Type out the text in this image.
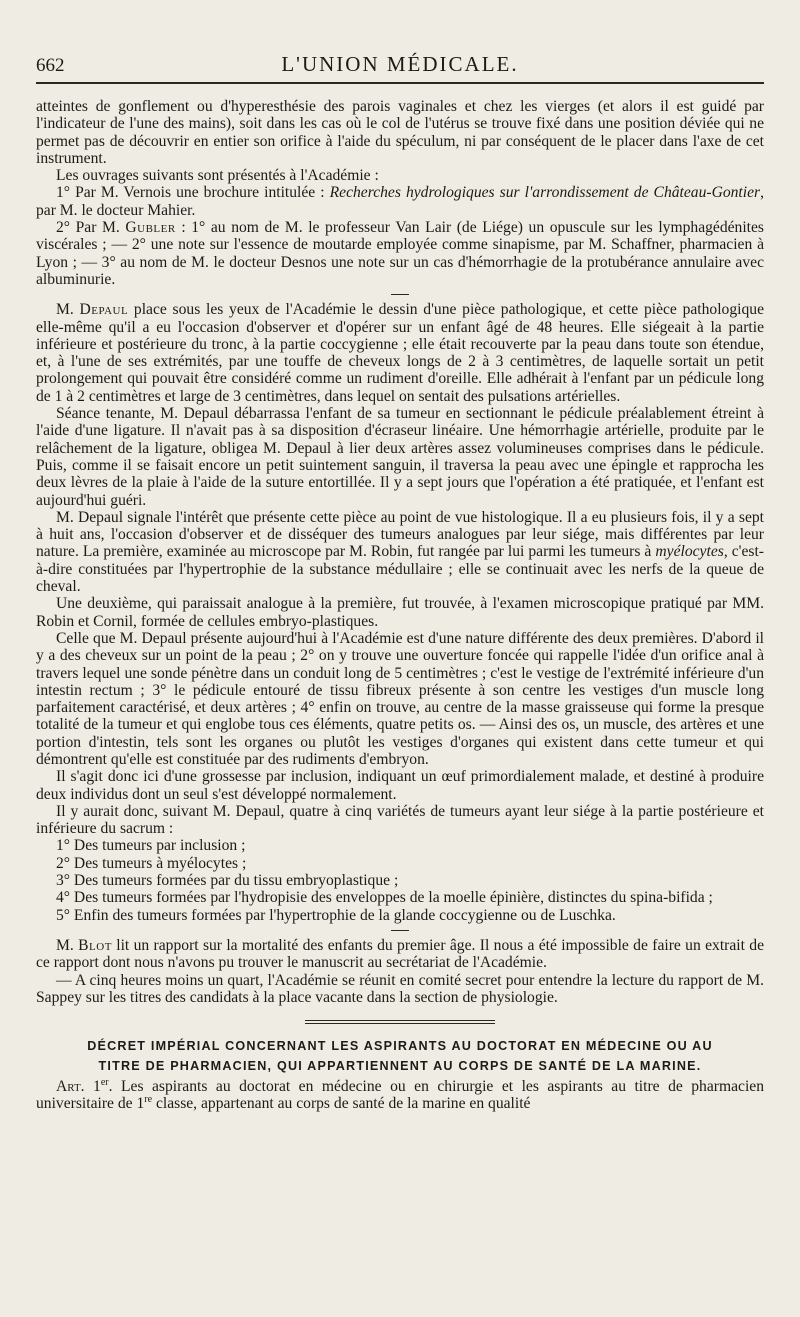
662	L'UNION MÉDICALE.

atteintes de gonflement ou d'hyperesthésie des parois vaginales et chez les vierges (et alors il est guidé par l'indicateur de l'une des mains), soit dans les cas où le col de l'utérus se trouve fixé dans une position déviée qui ne permet pas de découvrir en entier son orifice à l'aide du spéculum, ni par conséquent de le placer dans l'axe de cet instrument.

Les ouvrages suivants sont présentés à l'Académie :

1° Par M. Vernois une brochure intitulée : Recherches hydrologiques sur l'arrondissement de Château-Gontier, par M. le docteur Mahier.

2° Par M. Gubler : 1° au nom de M. le professeur Van Lair (de Liége) un opuscule sur les lymphagédénites viscérales ; — 2° une note sur l'essence de moutarde employée comme sinapisme, par M. Schaffner, pharmacien à Lyon ; — 3° au nom de M. le docteur Desnos une note sur un cas d'hémorrhagie de la protubérance annulaire avec albuminurie.

M. Depaul place sous les yeux de l'Académie le dessin d'une pièce pathologique, et cette pièce pathologique elle-même qu'il a eu l'occasion d'observer et d'opérer sur un enfant âgé de 48 heures. Elle siégeait à la partie inférieure et postérieure du tronc, à la partie coccygienne ; elle était recouverte par la peau dans toute son étendue, et, à l'une de ses extrémités, par une touffe de cheveux longs de 2 à 3 centimètres, de laquelle sortait un petit prolongement qui pouvait être considéré comme un rudiment d'oreille. Elle adhérait à l'enfant par un pédicule long de 1 à 2 centimètres et large de 3 centimètres, dans lequel on sentait des pulsations artérielles.

Séance tenante, M. Depaul débarrassa l'enfant de sa tumeur en sectionnant le pédicule préalablement étreint à l'aide d'une ligature. Il n'avait pas à sa disposition d'écraseur linéaire. Une hémorrhagie artérielle, produite par le relâchement de la ligature, obligea M. Depaul à lier deux artères assez volumineuses comprises dans le pédicule. Puis, comme il se faisait encore un petit suintement sanguin, il traversa la peau avec une épingle et rapprocha les deux lèvres de la plaie à l'aide de la suture entortillée. Il y a sept jours que l'opération a été pratiquée, et l'enfant est aujourd'hui guéri.

M. Depaul signale l'intérêt que présente cette pièce au point de vue histologique. Il a eu plusieurs fois, il y a sept à huit ans, l'occasion d'observer et de disséquer des tumeurs analogues par leur siége, mais différentes par leur nature. La première, examinée au microscope par M. Robin, fut rangée par lui parmi les tumeurs à myélocytes, c'est-à-dire constituées par l'hypertrophie de la substance médullaire ; elle se continuait avec les nerfs de la queue de cheval.

Une deuxième, qui paraissait analogue à la première, fut trouvée, à l'examen microscopique pratiqué par MM. Robin et Cornil, formée de cellules embryo-plastiques.

Celle que M. Depaul présente aujourd'hui à l'Académie est d'une nature différente des deux premières. D'abord il y a des cheveux sur un point de la peau ; 2° on y trouve une ouverture foncée qui rappelle l'idée d'un orifice anal à travers lequel une sonde pénètre dans un conduit long de 5 centimètres ; c'est le vestige de l'extrémité inférieure d'un intestin rectum ; 3° le pédicule entouré de tissu fibreux présente à son centre les vestiges d'un muscle long parfaitement caractérisé, et deux artères ; 4° enfin on trouve, au centre de la masse graisseuse qui forme la presque totalité de la tumeur et qui englobe tous ces éléments, quatre petits os. — Ainsi des os, un muscle, des artères et une portion d'intestin, tels sont les organes ou plutôt les vestiges d'organes qui existent dans cette tumeur et qui démontrent qu'elle est constituée par des rudiments d'embryon.

Il s'agit donc ici d'une grossesse par inclusion, indiquant un œuf primordialement malade, et destiné à produire deux individus dont un seul s'est développé normalement.

Il y aurait donc, suivant M. Depaul, quatre à cinq variétés de tumeurs ayant leur siége à la partie postérieure et inférieure du sacrum :

1° Des tumeurs par inclusion ;

2° Des tumeurs à myélocytes ;

3° Des tumeurs formées par du tissu embryoplastique ;

4° Des tumeurs formées par l'hydropisie des enveloppes de la moelle épinière, distinctes du spina-bifida ;

5° Enfin des tumeurs formées par l'hypertrophie de la glande coccygienne ou de Luschka.

M. Blot lit un rapport sur la mortalité des enfants du premier âge. Il nous a été impossible de faire un extrait de ce rapport dont nous n'avons pu trouver le manuscrit au secrétariat de l'Académie.

— A cinq heures moins un quart, l'Académie se réunit en comité secret pour entendre la lecture du rapport de M. Sappey sur les titres des candidats à la place vacante dans la section de physiologie.

DÉCRET IMPÉRIAL CONCERNANT LES ASPIRANTS AU DOCTORAT EN MÉDECINE OU AU
TITRE DE PHARMACIEN, QUI APPARTIENNENT AU CORPS DE SANTÉ DE LA MARINE.

Art. 1er. Les aspirants au doctorat en médecine ou en chirurgie et les aspirants au titre de pharmacien universitaire de 1re classe, appartenant au corps de santé de la marine en qualité
